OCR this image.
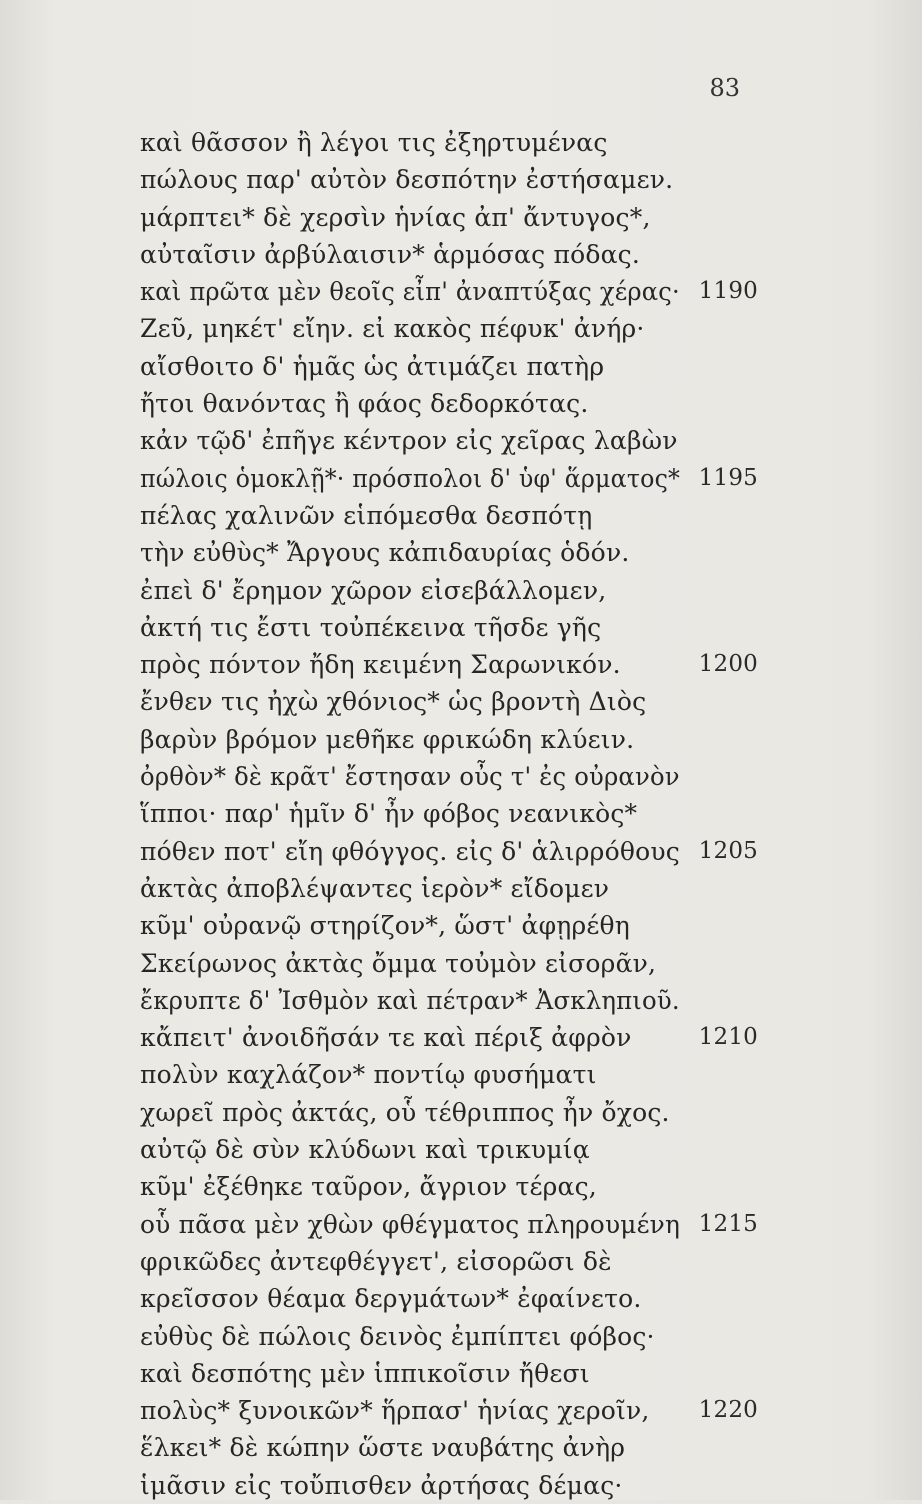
83
καὶ θᾶσσον ἢ λέγοι τις ἐξηρτυμένας
πώλους παρ' αὐτὸν δεσπότην ἐστήσαμεν.
μάρπτει* δὲ χερσὶν ἡνίας ἀπ' ἄντυγος*,
αὐταῖσιν ἀρβύλαισιν* ἁρμόσας πόδας.
καὶ πρῶτα μὲν θεοῖς εἶπ' ἀναπτύξας χέρας· 1190
Ζεῦ, μηκέτ' εἴην. εἰ κακὸς πέφυκ' ἀνήρ·
αἴσθοιτο δ' ἡμᾶς ὡς ἀτιμάζει πατὴρ
ἤτοι θανόντας ἢ φάος δεδορκότας.
κἀν τῷδ' ἐπῆγε κέντρον εἰς χεῖρας λαβὼν
πώλοις ὁμοκλῇ*· πρόσπολοι δ' ὑφ' ἅρματος* 1195
πέλας χαλινῶν εἱπόμεσθα δεσπότῃ
τὴν εὐθὺς* Ἄργους κἀπιδαυρίας ὁδόν.
ἐπεὶ δ' ἔρημον χῶρον εἰσεβάλλομεν,
ἀκτή τις ἔστι τοὐπέκεινα τῆσδε γῆς
πρὸς πόντον ἤδη κειμένη Σαρωνικόν.	1200
ἔνθεν τις ἠχὼ χθόνιος* ὡς βροντὴ Διὸς
βαρὺν βρόμον μεθῆκε φρικώδη κλύειν.
ὀρθὸν* δὲ κρᾶτ' ἔστησαν οὖς τ' ἐς οὐρανὸν
ἵπποι· παρ' ἡμῖν δ' ἦν φόβος νεανικὸς*
πόθεν ποτ' εἴη φθόγγος. εἰς δ' ἁλιρρόθους 1205
ἀκτὰς ἀποβλέψαντες ἱερὸν* εἴδομεν
κῦμ' οὐρανῷ στηρίζον*, ὥστ' ἀφῃρέθη
Σκείρωνος ἀκτὰς ὄμμα τοὐμὸν εἰσορᾶν,
ἔκρυπτε δ' Ἰσθμὸν καὶ πέτραν* Ἀσκληπιοῦ.
κἄπειτ' ἀνοιδῆσάν τε καὶ πέριξ ἀφρὸν	1210
πολὺν καχλάζον* ποντίῳ φυσήματι
χωρεῖ πρὸς ἀκτάς, οὗ τέθριππος ἦν ὄχος.
αὐτῷ δὲ σὺν κλύδωνι καὶ τρικυμίᾳ
κῦμ' ἐξέθηκε ταῦρον, ἄγριον τέρας,
οὗ πᾶσα μὲν χθὼν φθέγματος πληρουμένη 1215
φρικῶδες ἀντεφθέγγετ', εἰσορῶσι δὲ
κρεῖσσον θέαμα δεργμάτων* ἐφαίνετο.
εὐθὺς δὲ πώλοις δεινὸς ἐμπίπτει φόβος·
καὶ δεσπότης μὲν ἱππικοῖσιν ἤθεσι
πολὺς* ξυνοικῶν* ἥρπασ' ἡνίας χεροῖν, 1220
ἕλκει* δὲ κώπην ὥστε ναυβάτης ἀνὴρ
ἱμᾶσιν εἰς τοὔπισθεν ἀρτήσας δέμας·
